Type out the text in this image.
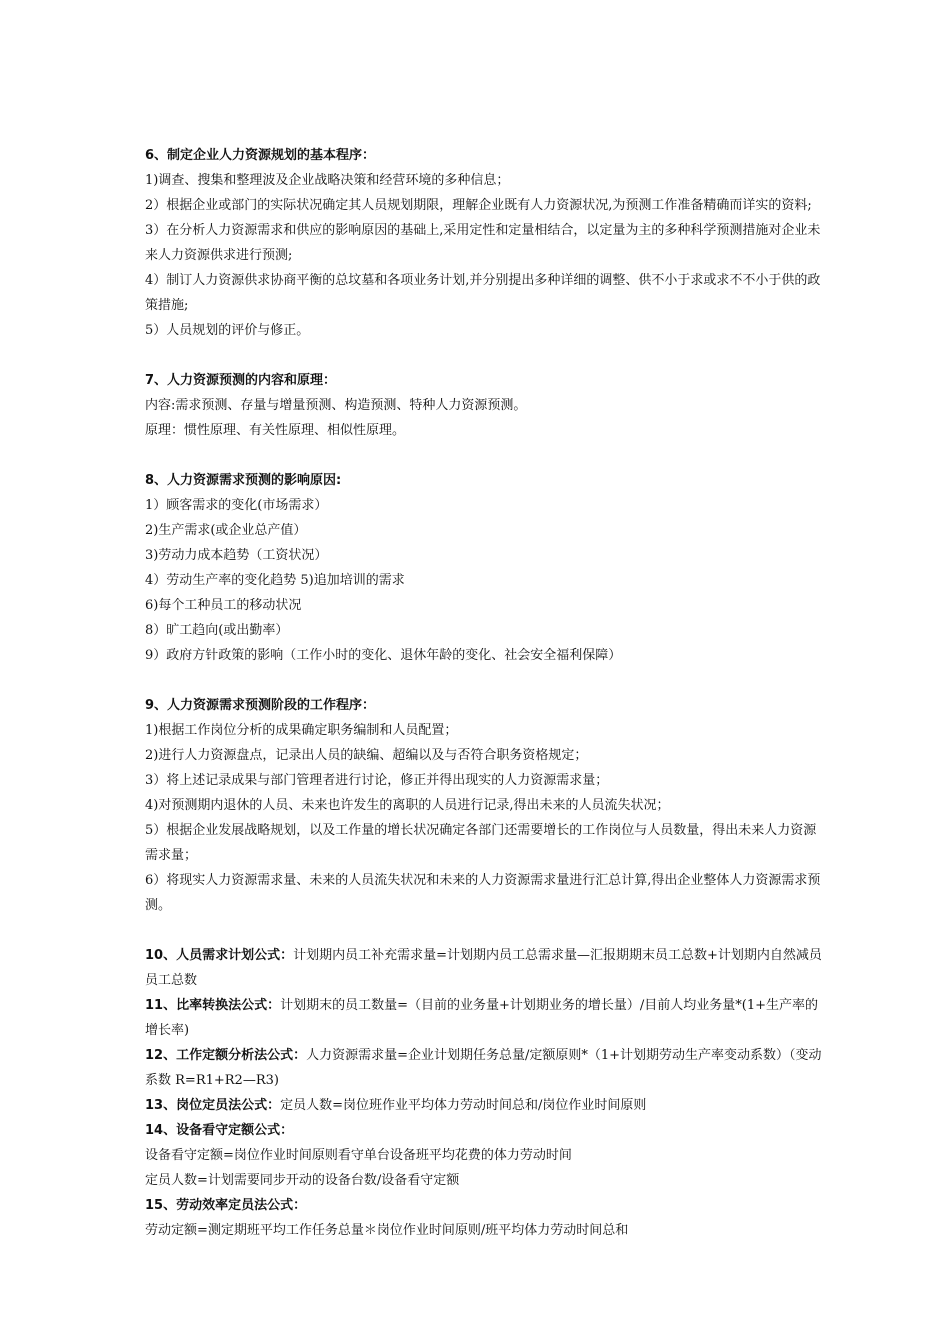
6、制定企业人力资源规划的基本程序：
1)调查、搜集和整理波及企业战略决策和经营环境的多种信息；
2）根据企业或部门的实际状况确定其人员规划期限，理解企业既有人力资源状况,为预测工作准备精确而详实的资料;
3）在分析人力资源需求和供应的影响原因的基础上,采用定性和定量相结合，以定量为主的多种科学预测措施对企业未来人力资源供求进行预测;
4）制订人力资源供求协商平衡的总坟墓和各项业务计划,并分别提出多种详细的调整、供不小于求或求不不小于供的政策措施;
5）人员规划的评价与修正。
7、人力资源预测的内容和原理：
内容:需求预测、存量与增量预测、构造预测、特种人力资源预测。
原理：惯性原理、有关性原理、相似性原理。
8、人力资源需求预测的影响原因:
1）顾客需求的变化(市场需求）
2)生产需求(或企业总产值）
3)劳动力成本趋势（工资状况）
4）劳动生产率的变化趋势 5)追加培训的需求
6)每个工种员工的移动状况
8）旷工趋向(或出勤率）
9）政府方针政策的影响（工作小时的变化、退休年龄的变化、社会安全福利保障）
9、人力资源需求预测阶段的工作程序：
1)根据工作岗位分析的成果确定职务编制和人员配置；
2)进行人力资源盘点，记录出人员的缺编、超编以及与否符合职务资格规定；
3）将上述记录成果与部门管理者进行讨论，修正并得出现实的人力资源需求量；
4)对预测期内退休的人员、未来也许发生的离职的人员进行记录,得出未来的人员流失状况；
5）根据企业发展战略规划，以及工作量的增长状况确定各部门还需要增长的工作岗位与人员数量，得出未来人力资源需求量；
6）将现实人力资源需求量、未来的人员流失状况和未来的人力资源需求量进行汇总计算,得出企业整体人力资源需求预测。
10、人员需求计划公式：计划期内员工补充需求量=计划期内员工总需求量—汇报期期末员工总数+计划期内自然减员员工总数
11、比率转换法公式：计划期末的员工数量=（目前的业务量+计划期业务的增长量）/目前人均业务量*(1+生产率的增长率)
12、工作定额分析法公式：人力资源需求量=企业计划期任务总量/定额原则*（1+计划期劳动生产率变动系数）（变动系数 R=R1+R2—R3)
13、岗位定员法公式：定员人数=岗位班作业平均体力劳动时间总和/岗位作业时间原则
14、设备看守定额公式：
设备看守定额=岗位作业时间原则看守单台设备班平均花费的体力劳动时间
定员人数=计划需要同步开动的设备台数/设备看守定额
15、劳动效率定员法公式：
劳动定额=测定期班平均工作任务总量＊岗位作业时间原则/班平均体力劳动时间总和
